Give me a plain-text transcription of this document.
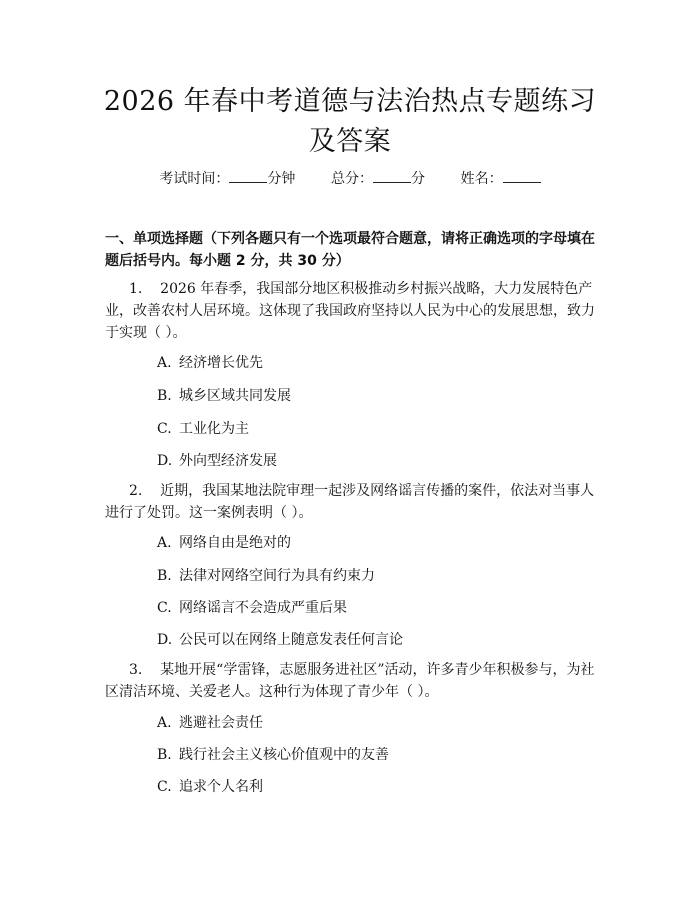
2026 年春中考道德与法治热点专题练习及答案
考试时间：	分钟	总分：	分	姓名：
一、单项选择题（下列各题只有一个选项最符合题意，请将正确选项的字母填在题后括号内。每小题 2 分，共 30 分）
1. 2026 年春季，我国部分地区积极推动乡村振兴战略，大力发展特色产业，改善农村人居环境。这体现了我国政府坚持以人民为中心的发展思想，致力于实现（ ）。
A. 经济增长优先
B. 城乡区域共同发展
C. 工业化为主
D. 外向型经济发展
2. 近期，我国某地法院审理一起涉及网络谣言传播的案件，依法对当事人进行了处罚。这一案例表明（ ）。
A. 网络自由是绝对的
B. 法律对网络空间行为具有约束力
C. 网络谣言不会造成严重后果
D. 公民可以在网络上随意发表任何言论
3. 某地开展“学雷锋，志愿服务进社区”活动，许多青少年积极参与，为社区清洁环境、关爱老人。这种行为体现了青少年（ ）。
A. 逃避社会责任
B. 践行社会主义核心价值观中的友善
C. 追求个人名利
